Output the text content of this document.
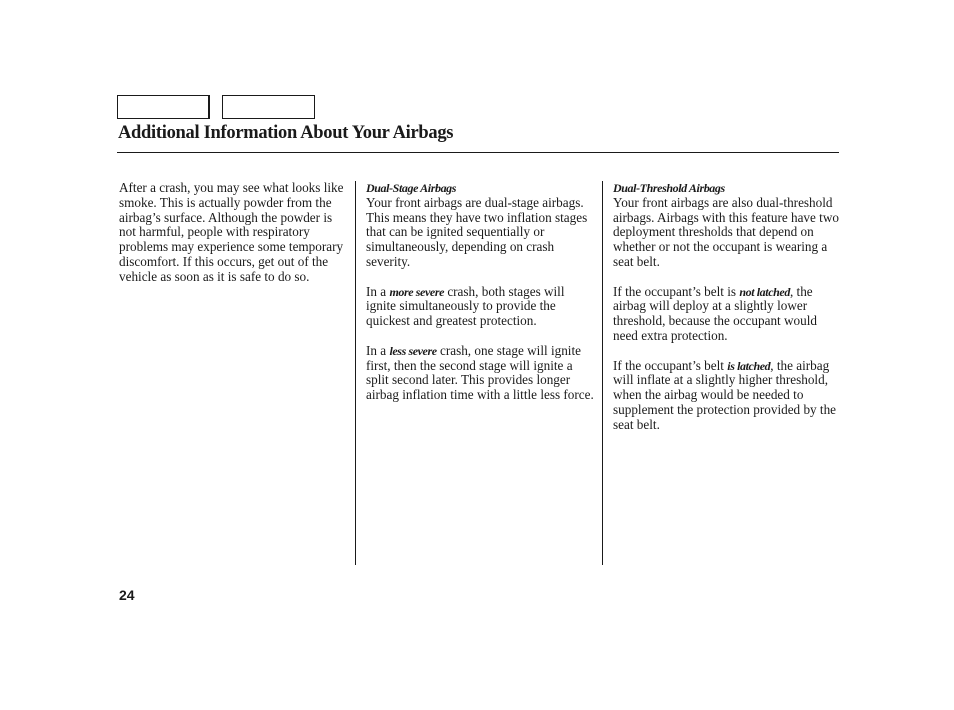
Additional Information About Your Airbags

After a crash, you may see what looks like smoke. This is actually powder from the airbag’s surface. Although the powder is not harmful, people with respiratory problems may experience some temporary discomfort. If this occurs, get out of the vehicle as soon as it is safe to do so.

Dual-Stage Airbags
Your front airbags are dual-stage airbags. This means they have two inflation stages that can be ignited sequentially or simultaneously, depending on crash severity.

In a more severe crash, both stages will ignite simultaneously to provide the quickest and greatest protection.

In a less severe crash, one stage will ignite first, then the second stage will ignite a split second later. This provides longer airbag inflation time with a little less force.

Dual-Threshold Airbags
Your front airbags are also dual-threshold airbags. Airbags with this feature have two deployment thresholds that depend on whether or not the occupant is wearing a seat belt.

If the occupant’s belt is not latched, the airbag will deploy at a slightly lower threshold, because the occupant would need extra protection.

If the occupant’s belt is latched, the airbag will inflate at a slightly higher threshold, when the airbag would be needed to supplement the protection provided by the seat belt.

24
